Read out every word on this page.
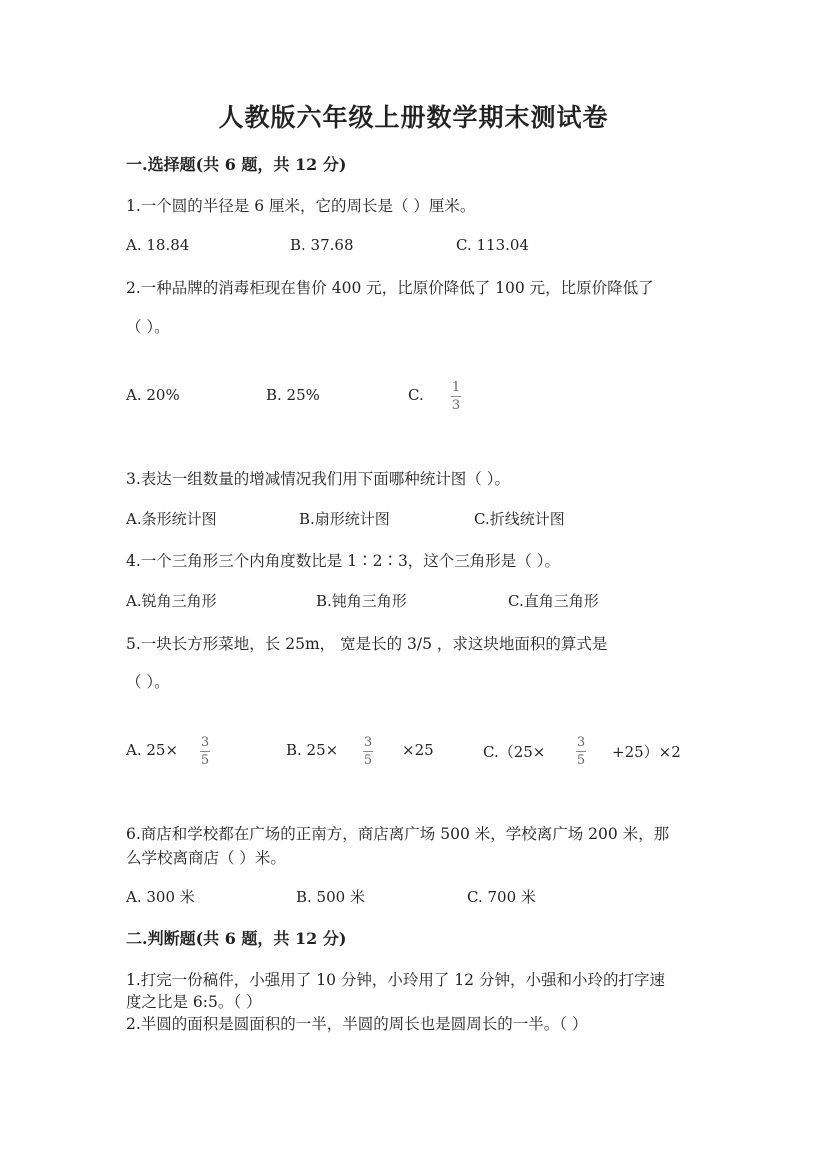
人教版六年级上册数学期末测试卷
一.选择题(共 6 题，共 12 分)
1.一个圆的半径是 6 厘米，它的周长是（ ）厘米。
A. 18.84	B. 37.68	C. 113.04
2.一种品牌的消毒柜现在售价 400 元，比原价降低了 100 元，比原价降低了
（ ）。
A. 20%	B. 25%	C. 1
3
3.表达一组数量的增减情况我们用下面哪种统计图（ ）。
A.条形统计图	B.扇形统计图	C.折线统计图
4.一个三角形三个内角度数比是 1∶2∶3，这个三角形是（ ）。
A.锐角三角形	B.钝角三角形	C.直角三角形
5.一块长方形菜地，长 25m， 宽是长的 3/5 ，求这块地面积的算式是
（ ）。
A. 25× 3
5
B. 25× 3
5
×25	C.（25×
3
5 +25）×2
6.商店和学校都在广场的正南方，商店离广场 500 米，学校离广场 200 米，那
么学校离商店（ ）米。
A. 300 米	B. 500 米	C. 700 米
二.判断题(共 6 题，共 12 分)
1.打完一份稿件，小强用了 10 分钟，小玲用了 12 分钟，小强和小玲的打字速
度之比是 6:5。（ ）
2.半圆的面积是圆面积的一半，半圆的周长也是圆周长的一半。（ ）
